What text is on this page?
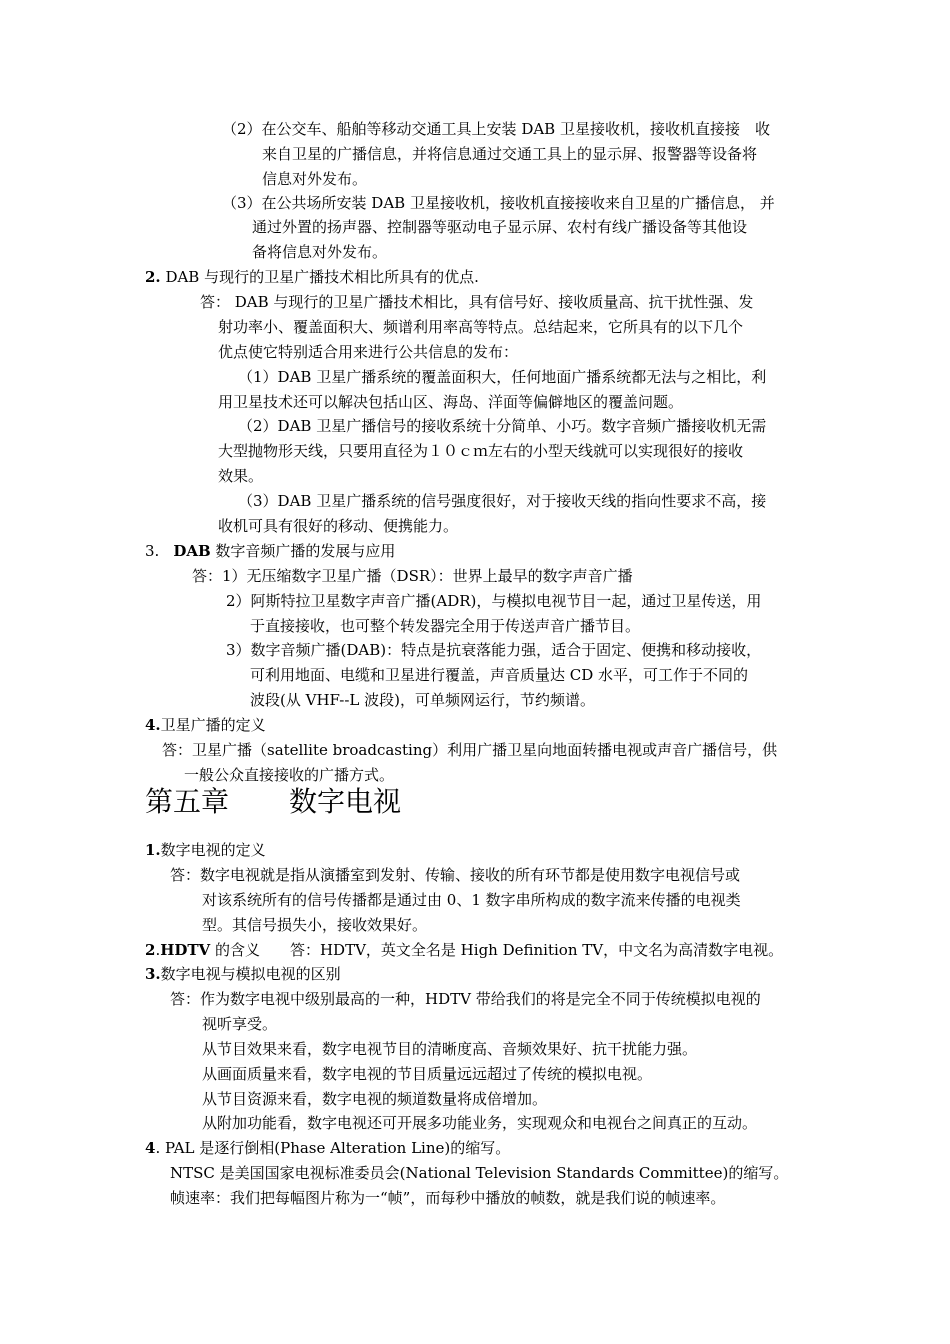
（2）在公交车、船舶等移动交通工具上安装 DAB 卫星接收机，接收机直接接　收
来自卫星的广播信息，并将信息通过交通工具上的显示屏、报警器等设备将
信息对外发布。
（3）在公共场所安装 DAB 卫星接收机，接收机直接接收来自卫星的广播信息， 并
通过外置的扬声器、控制器等驱动电子显示屏、农村有线广播设备等其他设
备将信息对外发布。
2. DAB 与现行的卫星广播技术相比所具有的优点.
答： DAB 与现行的卫星广播技术相比，具有信号好、接收质量高、抗干扰性强、发
射功率小、覆盖面积大、频谱利用率高等特点。总结起来，它所具有的以下几个
优点使它特别适合用来进行公共信息的发布：
（1）DAB 卫星广播系统的覆盖面积大，任何地面广播系统都无法与之相比，利
用卫星技术还可以解决包括山区、海岛、洋面等偏僻地区的覆盖问题。
（2）DAB 卫星广播信号的接收系统十分简单、小巧。数字音频广播接收机无需
大型抛物形天线，只要用直径为１０ｃｍ左右的小型天线就可以实现很好的接收
效果。
（3）DAB 卫星广播系统的信号强度很好，对于接收天线的指向性要求不高，接
收机可具有很好的移动、便携能力。
3. DAB 数字音频广播的发展与应用
答：1）无压缩数字卫星广播（DSR）：世界上最早的数字声音广播
2）阿斯特拉卫星数字声音广播(ADR)，与模拟电视节目一起，通过卫星传送，用
于直接接收，也可整个转发器完全用于传送声音广播节目。
3）数字音频广播(DAB)：特点是抗衰落能力强，适合于固定、便携和移动接收，
可利用地面、电缆和卫星进行覆盖，声音质量达 CD 水平，可工作于不同的
波段(从 VHF--L 波段)，可单频网运行，节约频谱。
4.卫星广播的定义
答：卫星广播（satellite broadcasting）利用广播卫星向地面转播电视或声音广播信号，供
一般公众直接接收的广播方式。
第五章 数字电视
1.数字电视的定义
答：数字电视就是指从演播室到发射、传输、接收的所有环节都是使用数字电视信号或
对该系统所有的信号传播都是通过由 0、1 数字串所构成的数字流来传播的电视类
型。其信号损失小，接收效果好。
2.HDTV 的含义　　答：HDTV，英文全名是 High Definition TV，中文名为高清数字电视。
3.数字电视与模拟电视的区别
答：作为数字电视中级别最高的一种，HDTV 带给我们的将是完全不同于传统模拟电视的
视听享受。
从节目效果来看，数字电视节目的清晰度高、音频效果好、抗干扰能力强。
从画面质量来看，数字电视的节目质量远远超过了传统的模拟电视。
从节目资源来看，数字电视的频道数量将成倍增加。
从附加功能看，数字电视还可开展多功能业务，实现观众和电视台之间真正的互动。
4. PAL 是逐行倒相(Phase Alteration Line)的缩写。
NTSC 是美国国家电视标准委员会(National Television Standards Committee)的缩写。
帧速率：我们把每幅图片称为一“帧”，而每秒中播放的帧数，就是我们说的帧速率。
